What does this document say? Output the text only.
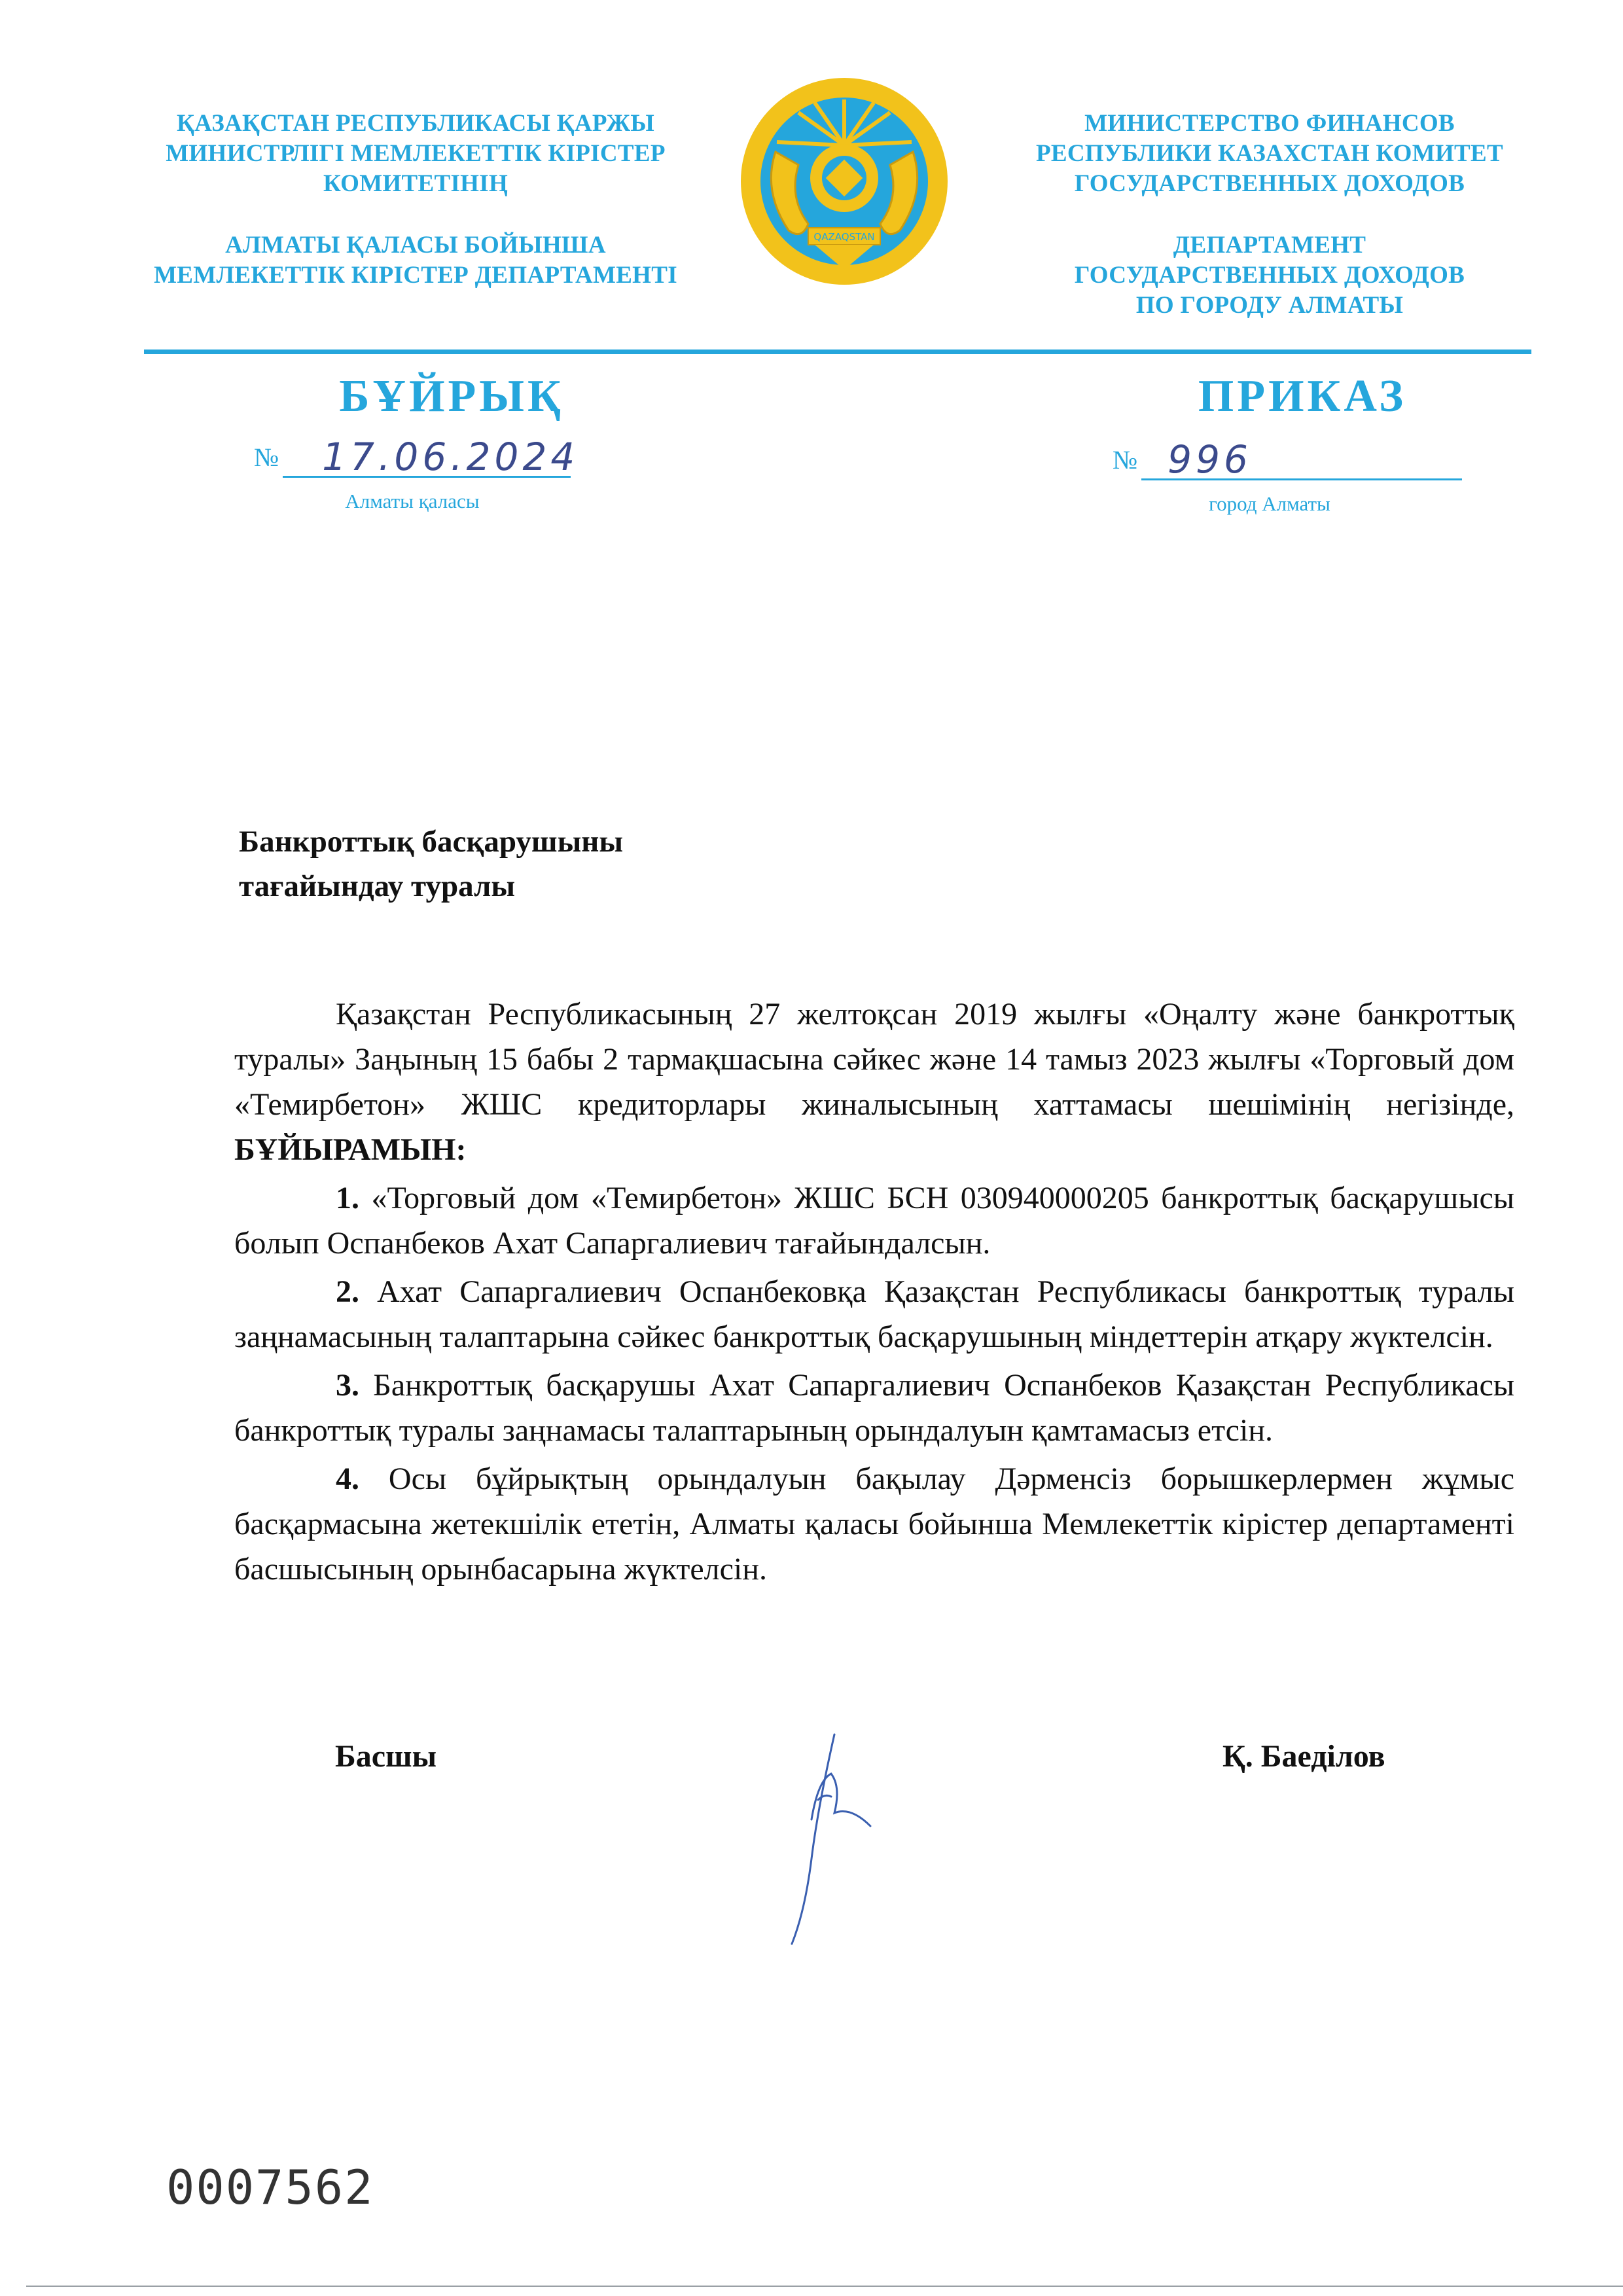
ҚАЗАҚСТАН РЕСПУБЛИКАСЫ ҚАРЖЫ

МИНИСТРЛІГІ МЕМЛЕКЕТТІК КІРІСТЕР

КОМИТЕТІНІҢ

АЛМАТЫ ҚАЛАСЫ БОЙЫНША

МЕМЛЕКЕТТІК КІРІСТЕР ДЕПАРТАМЕНТІ

QAZAQSTAN

МИНИСТЕРСТВО ФИНАНСОВ

РЕСПУБЛИКИ КАЗАХСТАН КОМИТЕТ

ГОСУДАРСТВЕННЫХ ДОХОДОВ

ДЕПАРТАМЕНТ

ГОСУДАРСТВЕННЫХ ДОХОДОВ

ПО ГОРОДУ АЛМАТЫ

БҰЙРЫҚ	ПРИКАЗ
№	17.06.2024
Алматы қаласы
№ 996
город Алматы

Банкроттық басқарушыны

тағайындау туралы

Қазақстан Республикасының 27 желтоқсан 2019 жылғы «Оңалту және банкроттық туралы» Заңының 15 бабы 2 тармақшасына сәйкес және 14 тамыз 2023 жылғы «Торговый дом «Темирбетон» ЖШС кредиторлары жиналысының хаттамасы шешімінің негізінде, БҰЙЫРАМЫН:

1. «Торговый дом «Темирбетон» ЖШС БСН 030940000205 банкроттық басқарушысы болып Оспанбеков Ахат Сапаргалиевич тағайындалсын.

2. Ахат Сапаргалиевич Оспанбековқа Қазақстан Республикасы банкроттық туралы заңнамасының талаптарына сәйкес банкроттық басқарушының міндеттерін атқару жүктелсін.

3. Банкроттық басқарушы Ахат Сапаргалиевич Оспанбеков Қазақстан Республикасы банкроттық туралы заңнамасы талаптарының орындалуын қамтамасыз етсін.

4. Осы бұйрықтың орындалуын бақылау Дәрменсіз борышкерлермен жұмыс басқармасына жетекшілік ететін, Алматы қаласы бойынша Мемлекеттік кірістер департаменті басшысының орынбасарына жүктелсін.

Басшы	Қ. Баеділов
0007562
